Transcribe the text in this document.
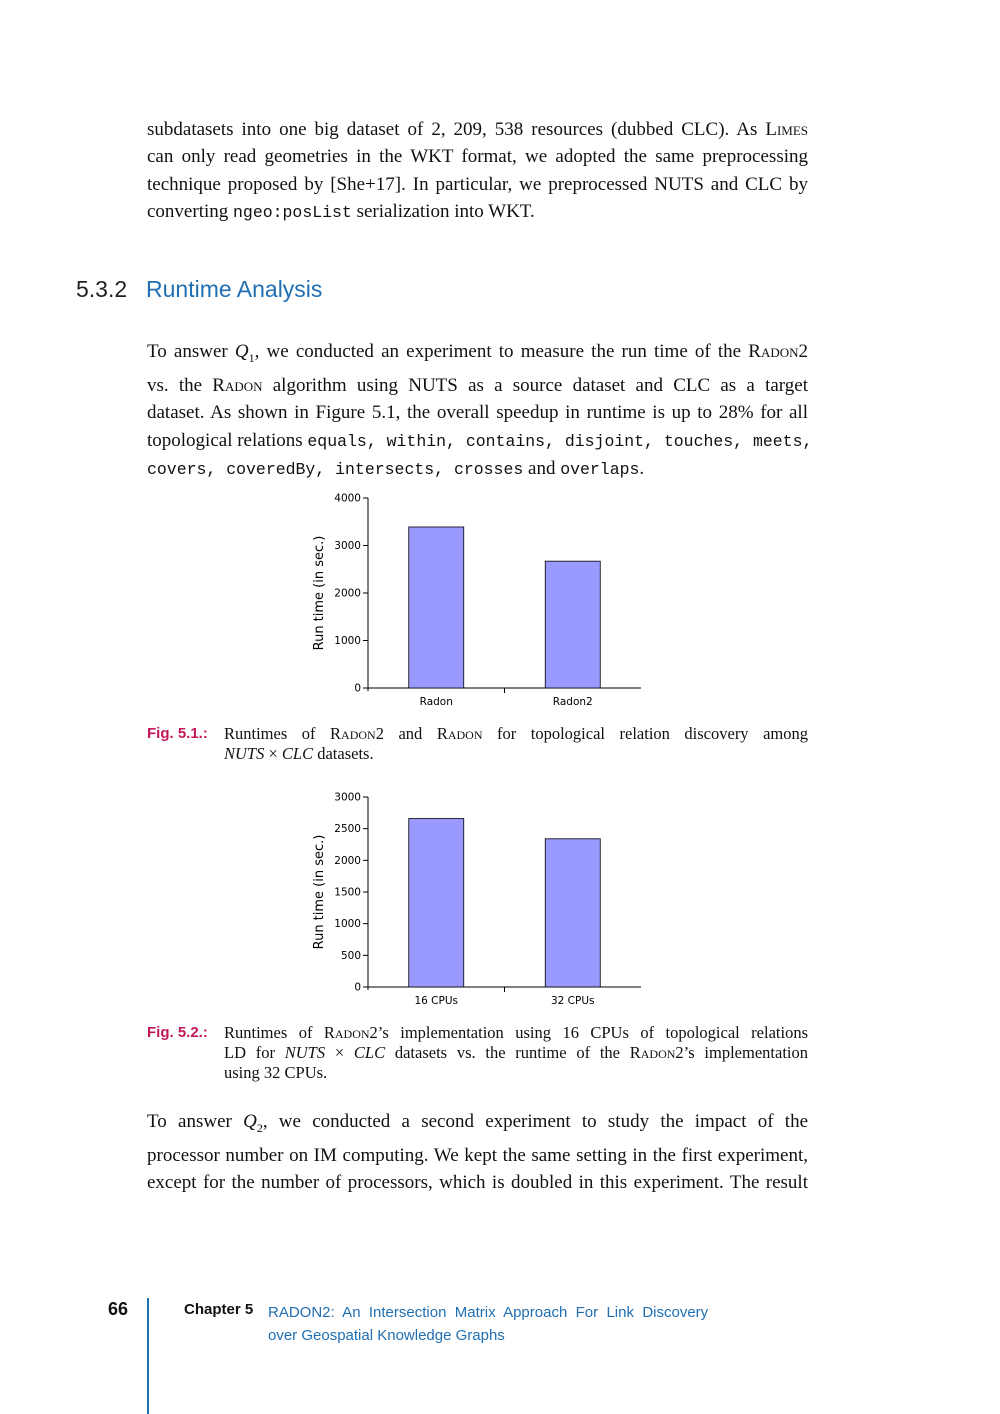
subdatasets into one big dataset of 2, 209, 538 resources (dubbed CLC). As Limes
can only read geometries in the WKT format, we adopted the same preprocessing
technique proposed by [She+17]. In particular, we preprocessed NUTS and CLC by
converting ngeo:posList serialization into WKT.
5.3.2 Runtime Analysis
To answer $Q_1$, we conducted an experiment to measure the run time of the Radon2
vs. the Radon algorithm using NUTS as a source dataset and CLC as a target
dataset. As shown in Figure 5.1, the overall speedup in runtime is up to 28% for all
topological relations equals, within, contains, disjoint, touches, meets,
covers, coveredBy, intersects, crosses and overlaps.
0
1000
2000
3000
4000
Run time (in sec.)
Radon	Radon2
Fig. 5.1.: Runtimes of Radon2 and Radon for topological relation discovery among
NUTS × CLC datasets.
0
500
1000
1500
2000
2500
3000
Run time (in sec.)
16 CPUs	32 CPUs
Fig. 5.2.: Runtimes of Radon2’s implementation using 16 CPUs of topological relations
LD for NUTS × CLC datasets vs. the runtime of the Radon2’s implementation
using 32 CPUs.
To answer $Q_2$, we conducted a second experiment to study the impact of the
processor number on IM computing. We kept the same setting in the first experiment,
except for the number of processors, which is doubled in this experiment. The result
66	Chapter 5 RADON2:  An  Intersection  Matrix  Approach  For  Link  Discovery
over Geospatial Knowledge Graphs
